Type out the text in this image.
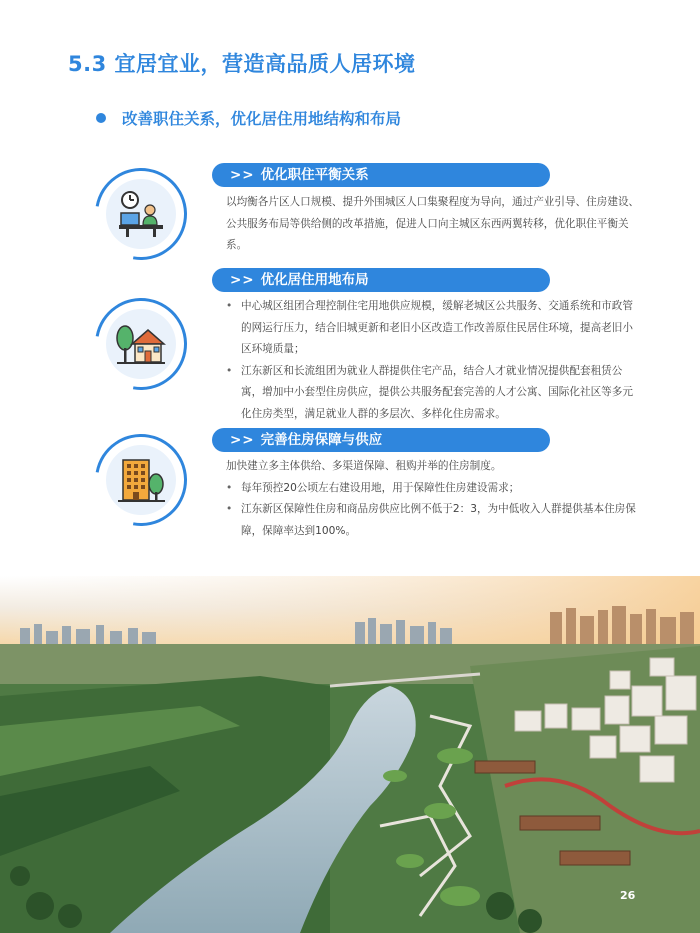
5.3 宜居宜业，营造高品质人居环境
改善职住关系，优化居住用地结构和布局
>> 优化职住平衡关系

以均衡各片区人口规模、提升外围城区人口集聚程度为导向，通过产业引导、住房建设、公共服务布局等供给侧的改革措施，促进人口向主城区东西两翼转移，优化职住平衡关系。

>> 优化居住用地布局

• 中心城区组团合理控制住宅用地供应规模，缓解老城区公共服务、交通系统和市政管的网运行压力，结合旧城更新和老旧小区改造工作改善原住民居住环境，提高老旧小区环境质量；

• 江东新区和长流组团为就业人群提供住宅产品，结合人才就业情况提供配套租赁公寓，增加中小套型住房供应，提供公共服务配套完善的人才公寓、国际化社区等多元化住房类型，满足就业人群的多层次、多样化住房需求。

>> 完善住房保障与供应

加快建立多主体供给、多渠道保障、租购并举的住房制度。

• 每年预控20公顷左右建设用地，用于保障性住房建设需求；

• 江东新区保障性住房和商品房供应比例不低于2：3，为中低收入人群提供基本住房保障，保障率达到100%。

26
